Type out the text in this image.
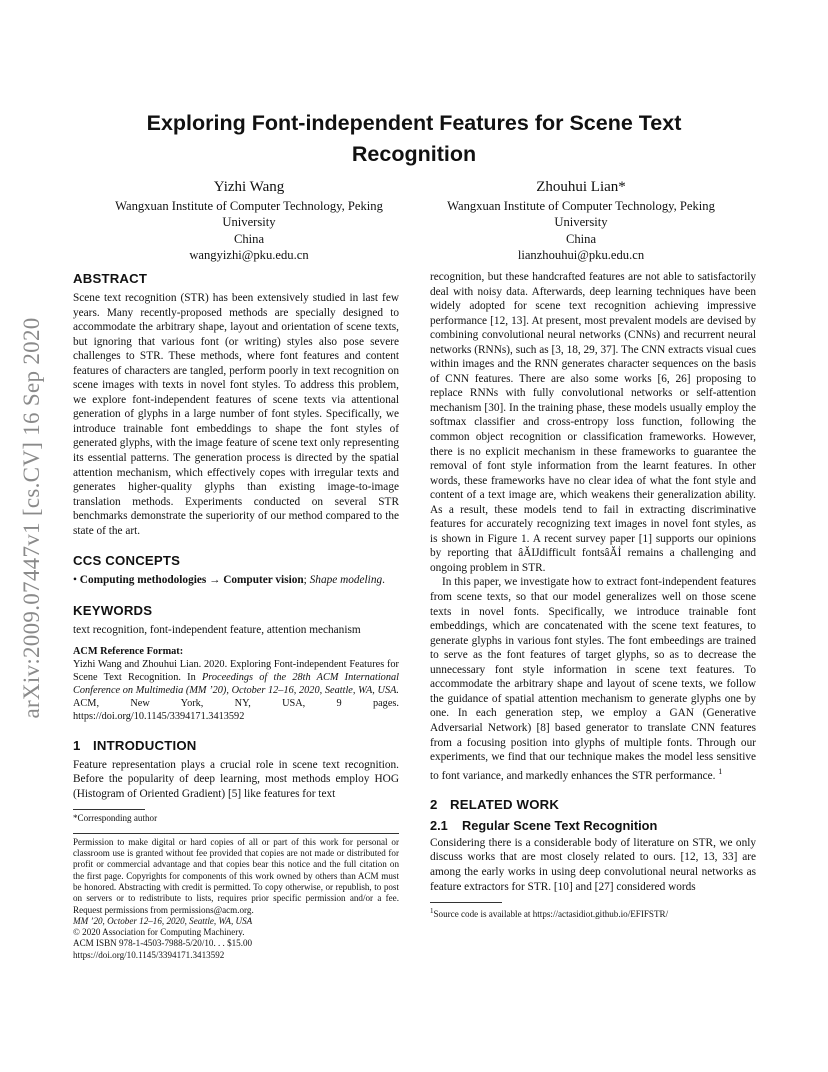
arXiv:2009.07447v1 [cs.CV] 16 Sep 2020
Exploring Font-independent Features for Scene Text
Recognition
Yizhi Wang
Wangxuan Institute of Computer Technology, Peking
University
China
wangyizhi@pku.edu.cn
Zhouhui Lian*
Wangxuan Institute of Computer Technology, Peking
University
China
lianzhouhui@pku.edu.cn
ABSTRACT

Scene text recognition (STR) has been extensively studied in last few years. Many recently-proposed methods are specially designed to accommodate the arbitrary shape, layout and orientation of scene texts, but ignoring that various font (or writing) styles also pose severe challenges to STR. These methods, where font features and content features of characters are tangled, perform poorly in text recognition on scene images with texts in novel font styles. To address this problem, we explore font-independent features of scene texts via attentional generation of glyphs in a large number of font styles. Specifically, we introduce trainable font embeddings to shape the font styles of generated glyphs, with the image feature of scene text only representing its essential patterns. The generation process is directed by the spatial attention mechanism, which effectively copes with irregular texts and generates higher-quality glyphs than existing image-to-image translation methods. Experiments conducted on several STR benchmarks demonstrate the superiority of our method compared to the state of the art.

CCS CONCEPTS

• Computing methodologies → Computer vision; Shape modeling.

KEYWORDS

text recognition, font-independent feature, attention mechanism

ACM Reference Format:

Yizhi Wang and Zhouhui Lian. 2020. Exploring Font-independent Features for Scene Text Recognition. In Proceedings of the 28th ACM International Conference on Multimedia (MM ’20), October 12–16, 2020, Seattle, WA, USA. ACM, New York, NY, USA, 9 pages. https://doi.org/10.1145/3394171.3413592

1 INTRODUCTION

Feature representation plays a crucial role in scene text recognition. Before the popularity of deep learning, most methods employ HOG (Histogram of Oriented Gradient) [5] like features for text

*Corresponding author

Permission to make digital or hard copies of all or part of this work for personal or classroom use is granted without fee provided that copies are not made or distributed for profit or commercial advantage and that copies bear this notice and the full citation on the first page. Copyrights for components of this work owned by others than ACM must be honored. Abstracting with credit is permitted. To copy otherwise, or republish, to post on servers or to redistribute to lists, requires prior specific permission and/or a fee. Request permissions from permissions@acm.org.

MM ’20, October 12–16, 2020, Seattle, WA, USA
© 2020 Association for Computing Machinery.
ACM ISBN 978-1-4503-7988-5/20/10. . . $15.00
https://doi.org/10.1145/3394171.3413592

recognition, but these handcrafted features are not able to satisfactorily deal with noisy data. Afterwards, deep learning techniques have been widely adopted for scene text recognition achieving impressive performance [12, 13]. At present, most prevalent models are devised by combining convolutional neural networks (CNNs) and recurrent neural networks (RNNs), such as [3, 18, 29, 37]. The CNN extracts visual cues within images and the RNN generates character sequences on the basis of CNN features. There are also some works [6, 26] proposing to replace RNNs with fully convolutional networks or self-attention mechanism [30]. In the training phase, these models usually employ the softmax classifier and cross-entropy loss function, following the common object recognition or classification frameworks. However, there is no explicit mechanism in these frameworks to guarantee the removal of font style information from the learnt features. In other words, these frameworks have no clear idea of what the font style and content of a text image are, which weakens their generalization ability. As a result, these models tend to fail in extracting discriminative features for accurately recognizing text images in novel font styles, as is shown in Figure 1. A recent survey paper [1] supports our opinions by reporting that âĂIJdifficult fontsâĂİ remains a challenging and ongoing problem in STR.

In this paper, we investigate how to extract font-independent features from scene texts, so that our model generalizes well on those scene texts in novel fonts. Specifically, we introduce trainable font embeddings, which are concatenated with the scene text features, to generate glyphs in various font styles. The font embeedings are trained to serve as the font features of target glyphs, so as to decrease the unnecessary font style information in scene text features. To accommodate the arbitrary shape and layout of scene texts, we follow the guidance of spatial attention mechanism to generate glyphs one by one. In each generation step, we employ a GAN (Generative Adversarial Network) [8] based generator to translate CNN features from a focusing position into glyphs of multiple fonts. Through our experiments, we find that our technique makes the model less sensitive to font variance, and markedly enhances the STR performance. $^1$

2 RELATED WORK
2.1 Regular Scene Text Recognition

Considering there is a considerable body of literature on STR, we only discuss works that are most closely related to ours. [12, 13, 33] are among the early works in using deep convolutional neural networks as feature extractors for STR. [10] and [27] considered words

$^1$Source code is available at https://actasidiot.github.io/EFIFSTR/
